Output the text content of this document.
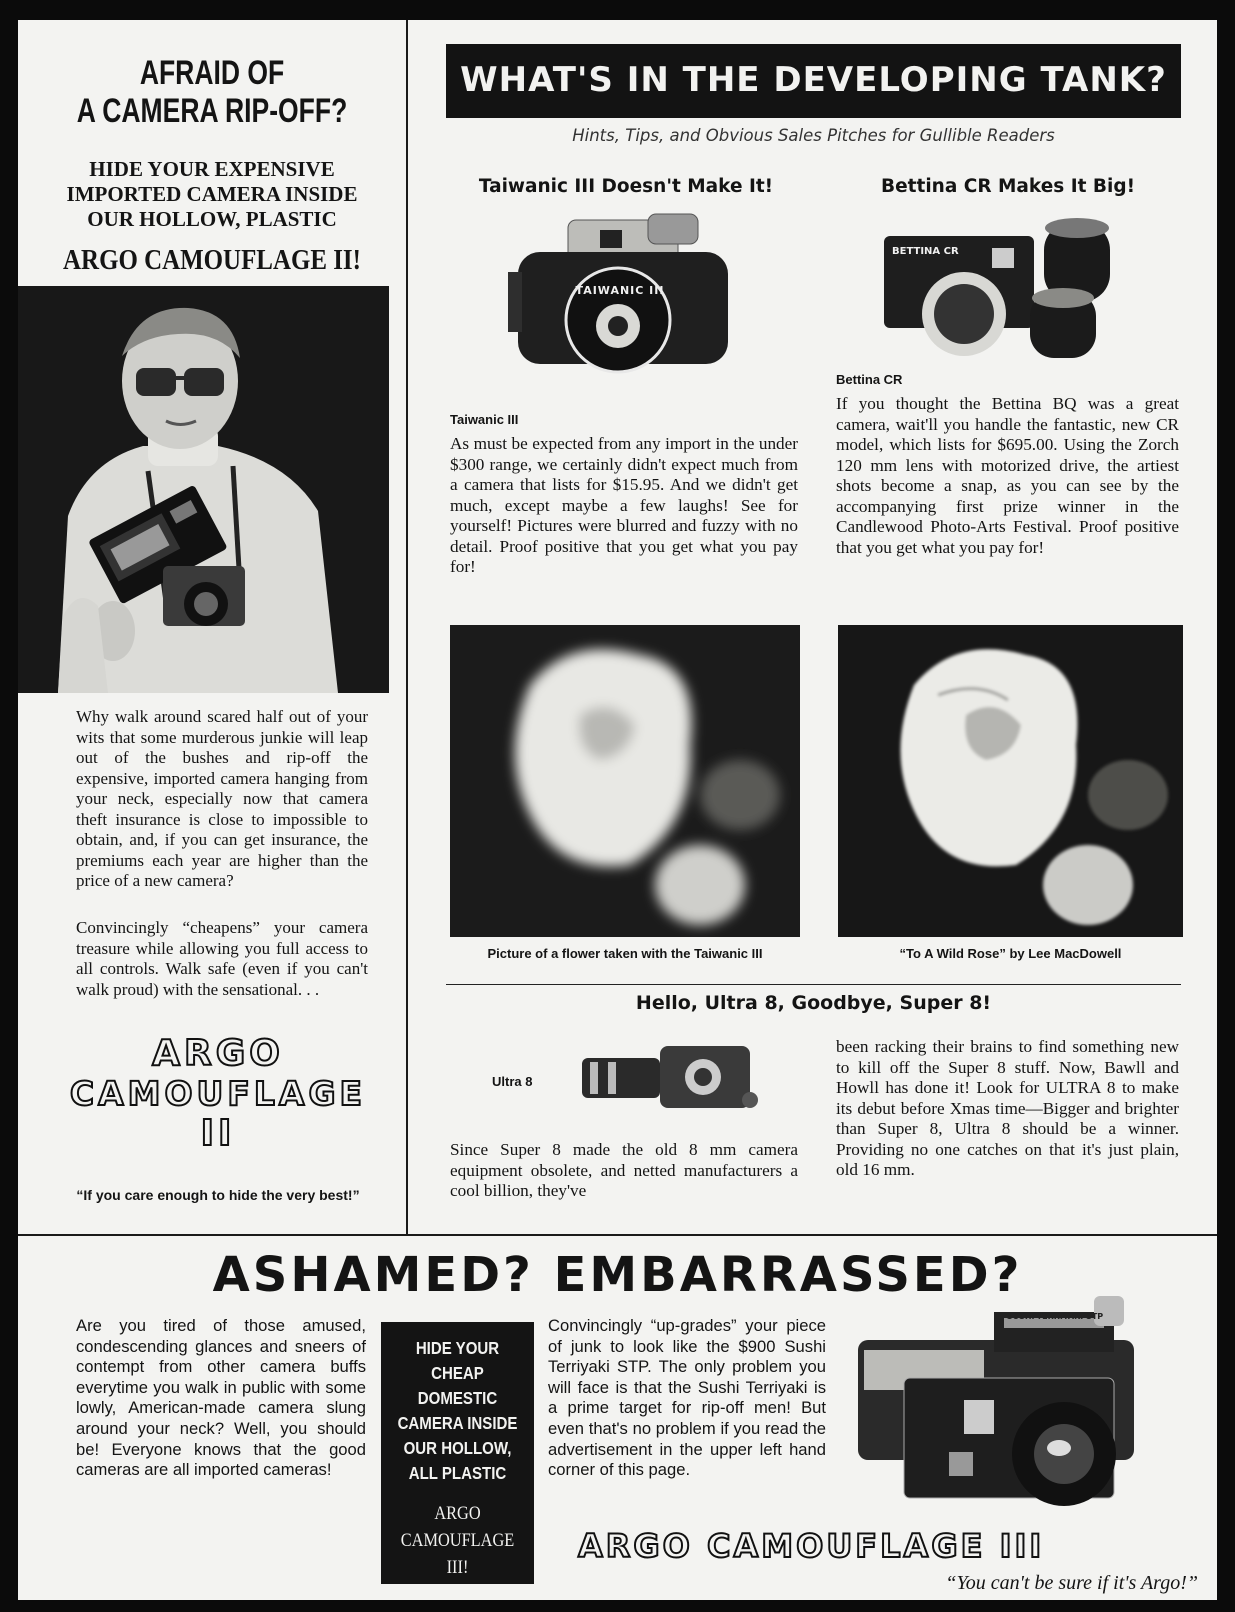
AFRAID OF
A CAMERA RIP-OFF?
HIDE YOUR EXPENSIVE
IMPORTED CAMERA INSIDE
OUR HOLLOW, PLASTIC
ARGO CAMOUFLAGE II!
Why walk around scared half out of your wits that some murderous junkie will leap out of the bushes and rip-off the expensive, imported camera hanging from your neck, especially now that camera theft insurance is close to impossible to obtain, and, if you can get insurance, the premiums each year are higher than the price of a new camera?
Convincingly “cheapens” your camera treasure while allowing you full access to all controls. Walk safe (even if you can't walk proud) with the sensational. . .
ARGO
CAMOUFLAGE
II
“If you care enough to hide the very best!”
WHAT'S IN THE DEVELOPING TANK?
Hints, Tips, and Obvious Sales Pitches for Gullible Readers
Taiwanic III Doesn't Make It!
TAIWANIC III
Taiwanic III
As must be expected from any import in the under $300 range, we certainly didn't expect much from a camera that lists for $15.95. And we didn't get much, except maybe a few laughs! See for yourself! Pictures were blurred and fuzzy with no detail. Proof positive that you get what you pay for!
Picture of a flower taken with the Taiwanic III
Bettina CR Makes It Big!
BETTINA CR
Bettina CR
If you thought the Bettina BQ was a great camera, wait'll you handle the fantastic, new CR model, which lists for $695.00. Using the Zorch 120 mm lens with motorized drive, the artiest shots become a snap, as you can see by the accompanying first prize winner in the Candlewood Photo-Arts Festival. Proof positive that you get what you pay for!
“To A Wild Rose” by Lee MacDowell
Hello, Ultra 8, Goodbye, Super 8!
Ultra 8
Since Super 8 made the old 8 mm camera equipment obsolete, and netted manufacturers a cool billion, they've
been racking their brains to find something new to kill off the Super 8 stuff. Now, Bawll and Howll has done it! Look for ULTRA 8 to make its debut before Xmas time—Bigger and brighter than Super 8, Ultra 8 should be a winner. Providing no one catches on that it's just plain, old 16 mm.
ASHAMED? EMBARRASSED?
Are you tired of those amused, condescending glances and sneers of contempt from other camera buffs everytime you walk in public with some lowly, American-made camera slung around your neck? Well, you should be! Everyone knows that the good cameras are all imported cameras!
HIDE YOUR
CHEAP DOMESTIC
CAMERA INSIDE
OUR HOLLOW,
ALL PLASTIC
ARGO
CAMOUFLAGE
III!
Convincingly “up-grades” your piece of junk to look like the $900 Sushi Terriyaki STP. The only problem you will face is that the Sushi Terriyaki is a prime target for rip-off men! But even that's no problem if you read the advertisement in the upper left hand corner of this page.
SUSHI-TERRIYAKI STP
ARGO CAMOUFLAGE III
“You can't be sure if it's Argo!”
